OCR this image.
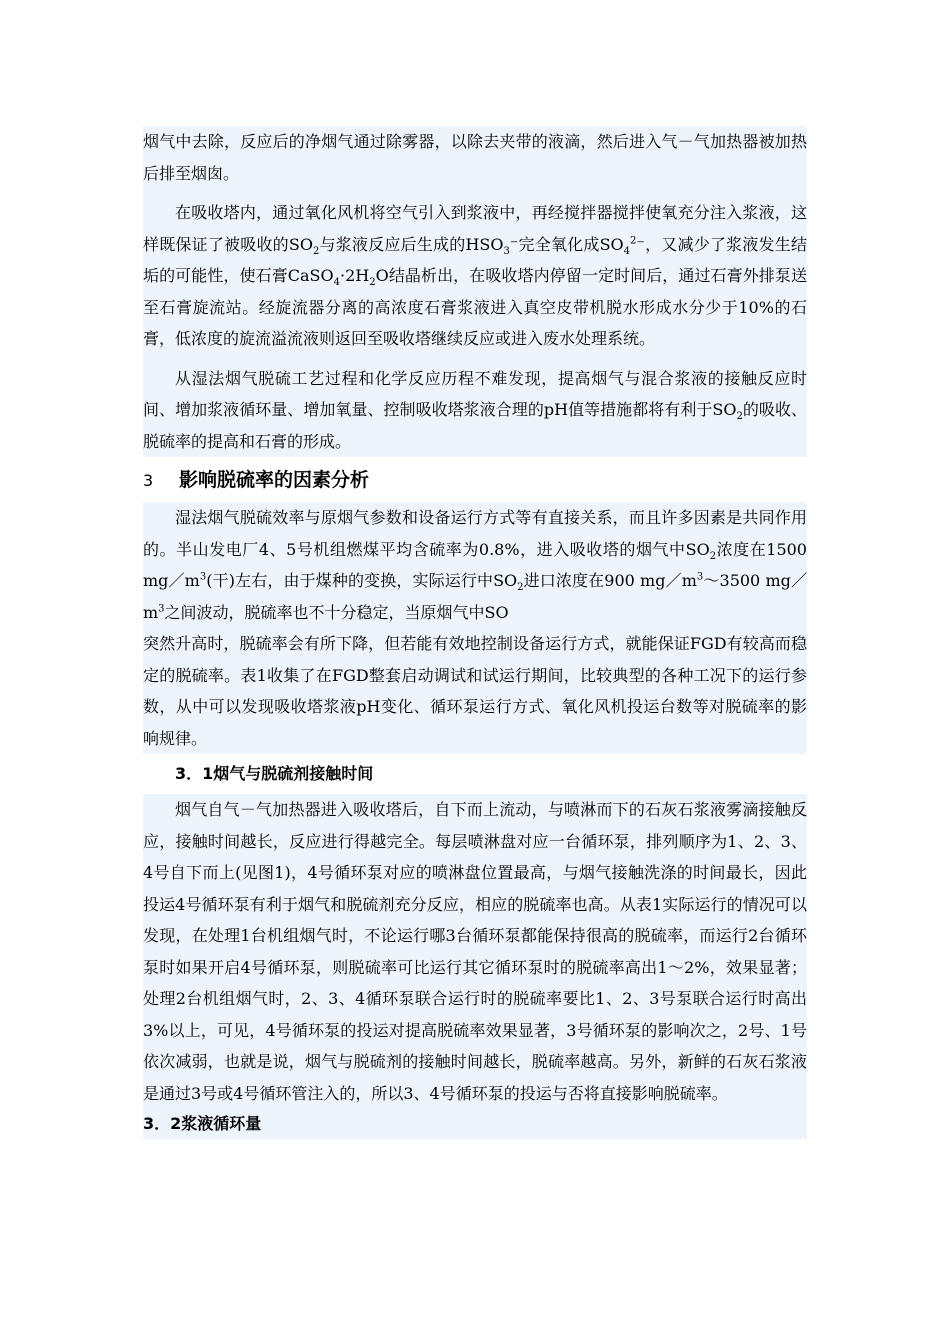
烟气中去除，反应后的净烟气通过除雾器，以除去夹带的液滴，然后进入气－气加热器被加热后排至烟囱。

在吸收塔内，通过氧化风机将空气引入到浆液中，再经搅拌器搅拌使氧充分注入浆液，这样既保证了被吸收的$SO_2$与浆液反应后生成的$HSO_3^-$完全氧化成$SO_4^2^-$，又减少了浆液发生结垢的可能性，使石膏$CaSO_4\cdot 2H_2O$结晶析出，在吸收塔内停留一定时间后，通过石膏外排泵送至石膏旋流站。经旋流器分离的高浓度石膏浆液进入真空皮带机脱水形成水分少于10%的石膏，低浓度的旋流溢流液则返回至吸收塔继续反应或进入废水处理系统。

从湿法烟气脱硫工艺过程和化学反应历程不难发现，提高烟气与混合浆液的接触反应时间、增加浆液循环量、增加氧量、控制吸收塔浆液合理的pH值等措施都将有利于$SO_2$的吸收、脱硫率的提高和石膏的形成。

3 影响脱硫率的因素分析

湿法烟气脱硫效率与原烟气参数和设备运行方式等有直接关系，而且许多因素是共同作用的。半山发电厂4、5号机组燃煤平均含硫率为0.8%，进入吸收塔的烟气中$SO_2$浓度在1500 $mg/m^3$(干)左右，由于煤种的变换，实际运行中$SO_2$进口浓度在900 $mg/m^3\sim 3500$ $mg/m^3$之间波动，脱硫率也不十分稳定，当原烟气中SO
突然升高时，脱硫率会有所下降，但若能有效地控制设备运行方式，就能保证FGD有较高而稳定的脱硫率。表1收集了在FGD整套启动调试和试运行期间，比较典型的各种工况下的运行参数，从中可以发现吸收塔浆液pH变化、循环泵运行方式、氧化风机投运台数等对脱硫率的影响规律。

3．1烟气与脱硫剂接触时间

烟气自气－气加热器进入吸收塔后，自下而上流动，与喷淋而下的石灰石浆液雾滴接触反应，接触时间越长，反应进行得越完全。每层喷淋盘对应一台循环泵，排列顺序为1、2、3、4号自下而上(见图1)，4号循环泵对应的喷淋盘位置最高，与烟气接触洗涤的时间最长，因此投运4号循环泵有利于烟气和脱硫剂充分反应，相应的脱硫率也高。从表1实际运行的情况可以发现，在处理1台机组烟气时，不论运行哪3台循环泵都能保持很高的脱硫率，而运行2台循环泵时如果开启4号循环泵，则脱硫率可比运行其它循环泵时的脱硫率高出1～2%，效果显著；处理2台机组烟气时，2、3、4循环泵联合运行时的脱硫率要比1、2、3号泵联合运行时高出3%以上，可见，4号循环泵的投运对提高脱硫率效果显著，3号循环泵的影响次之，2号、1号依次减弱，也就是说，烟气与脱硫剂的接触时间越长，脱硫率越高。另外，新鲜的石灰石浆液是通过3号或4号循环管注入的，所以3、4号循环泵的投运与否将直接影响脱硫率。

3．2浆液循环量
